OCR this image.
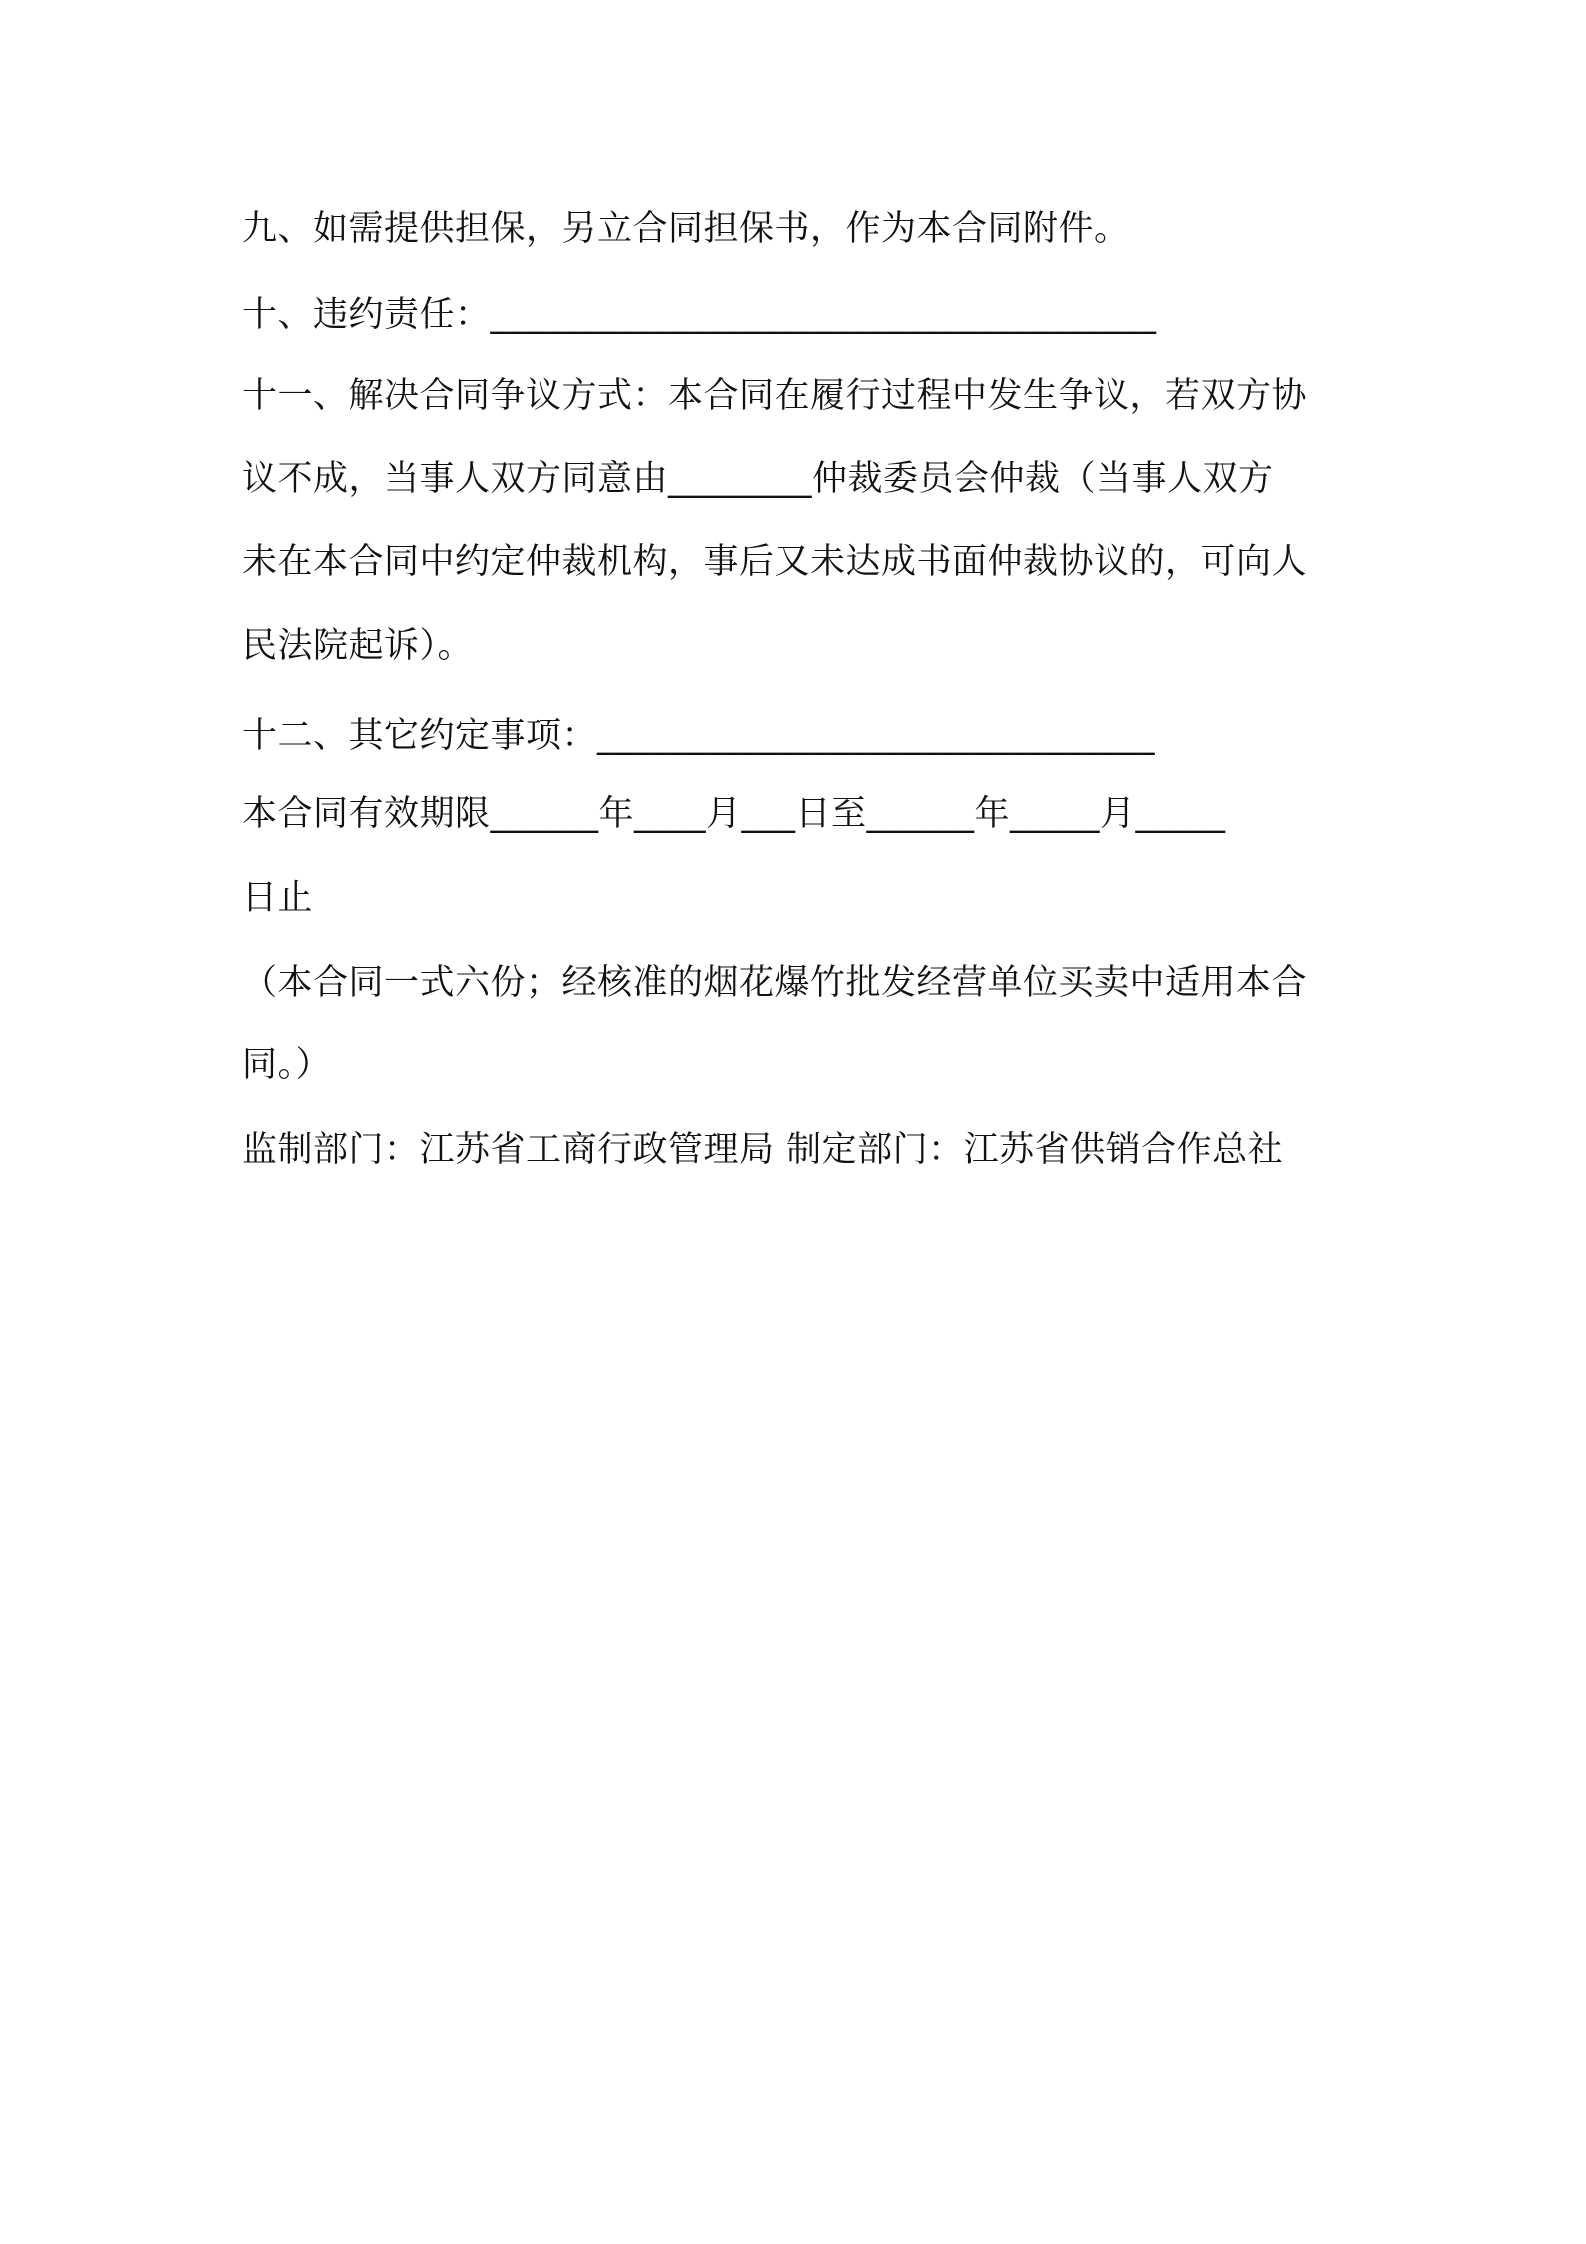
九、如需提供担保，另立合同担保书，作为本合同附件。
十、违约责任：_____________________________________
十一、解决合同争议方式：本合同在履行过程中发生争议，若双方协
议不成，当事人双方同意由________仲裁委员会仲裁（当事人双方
未在本合同中约定仲裁机构，事后又未达成书面仲裁协议的，可向人
民法院起诉）。
十二、其它约定事项：_______________________________
本合同有效期限______年____月___日至______年_____月_____
日止
（本合同一式六份；经核准的烟花爆竹批发经营单位买卖中适用本合
同。）
监制部门：江苏省工商行政管理局 制定部门：江苏省供销合作总社
